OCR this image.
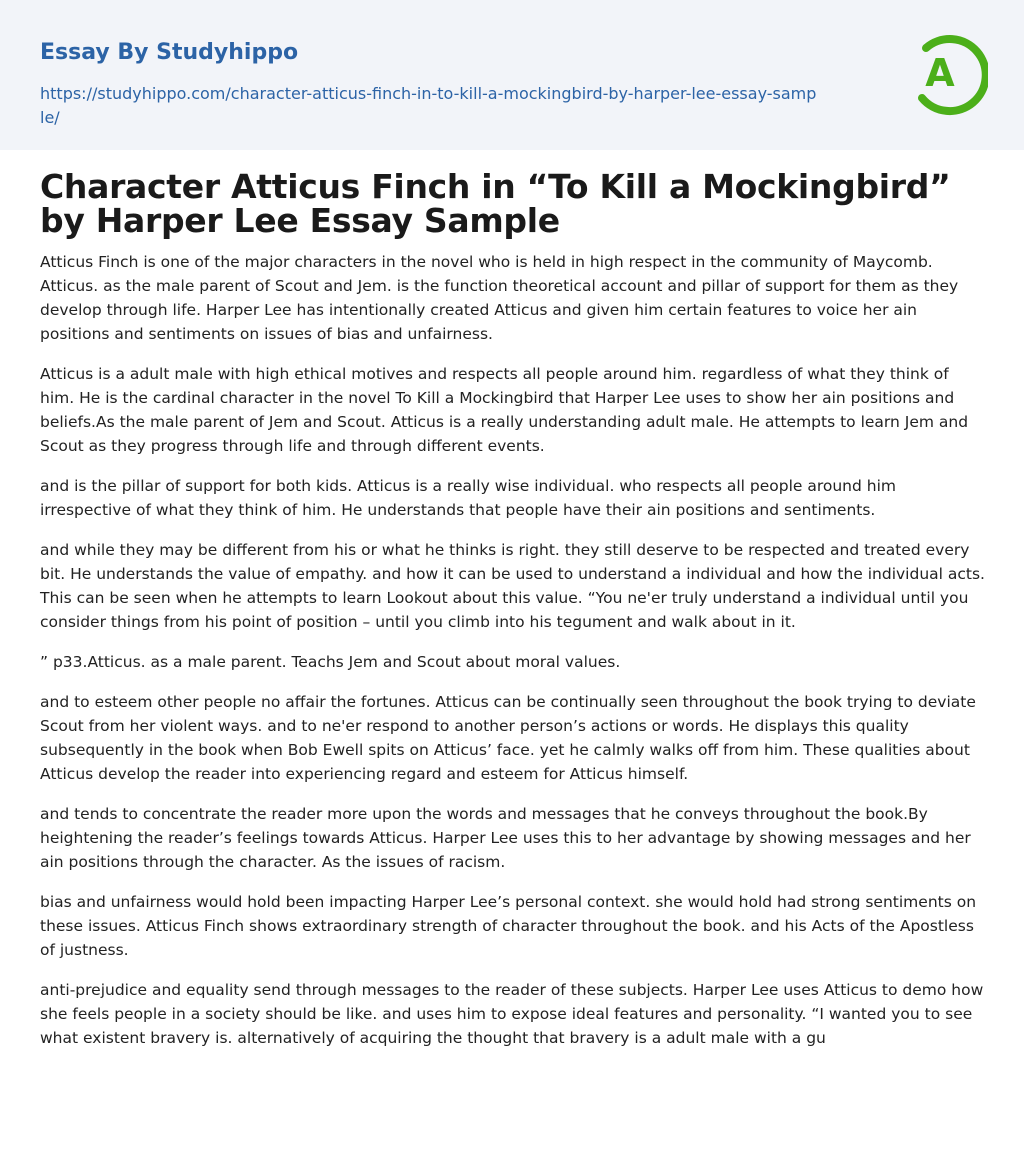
Essay By Studyhippo
https://studyhippo.com/character-atticus-finch-in-to-kill-a-mockingbird-by-harper-lee-essay-sample/
A
Character Atticus Finch in “To Kill a Mockingbird” by Harper Lee Essay Sample

Atticus Finch is one of the major characters in the novel who is held in high respect in the community of Maycomb. Atticus. as the male parent of Scout and Jem. is the function theoretical account and pillar of support for them as they develop through life. Harper Lee has intentionally created Atticus and given him certain features to voice her ain positions and sentiments on issues of bias and unfairness.

Atticus is a adult male with high ethical motives and respects all people around him. regardless of what they think of him. He is the cardinal character in the novel To Kill a Mockingbird that Harper Lee uses to show her ain positions and beliefs.As the male parent of Jem and Scout. Atticus is a really understanding adult male. He attempts to learn Jem and Scout as they progress through life and through different events.

and is the pillar of support for both kids. Atticus is a really wise individual. who respects all people around him irrespective of what they think of him. He understands that people have their ain positions and sentiments.

and while they may be different from his or what he thinks is right. they still deserve to be respected and treated every bit. He understands the value of empathy. and how it can be used to understand a individual and how the individual acts. This can be seen when he attempts to learn Lookout about this value. “You ne'er truly understand a individual until you consider things from his point of position – until you climb into his tegument and walk about in it.

” p33.Atticus. as a male parent. Teachs Jem and Scout about moral values.

and to esteem other people no affair the fortunes. Atticus can be continually seen throughout the book trying to deviate Scout from her violent ways. and to ne'er respond to another person’s actions or words. He displays this quality subsequently in the book when Bob Ewell spits on Atticus’ face. yet he calmly walks off from him. These qualities about Atticus develop the reader into experiencing regard and esteem for Atticus himself.

and tends to concentrate the reader more upon the words and messages that he conveys throughout the book.By heightening the reader’s feelings towards Atticus. Harper Lee uses this to her advantage by showing messages and her ain positions through the character. As the issues of racism.

bias and unfairness would hold been impacting Harper Lee’s personal context. she would hold had strong sentiments on these issues. Atticus Finch shows extraordinary strength of character throughout the book. and his Acts of the Apostless of justness.

anti-prejudice and equality send through messages to the reader of these subjects. Harper Lee uses Atticus to demo how she feels people in a society should be like. and uses him to expose ideal features and personality. “I wanted you to see what existent bravery is. alternatively of acquiring the thought that bravery is a adult male with a gu
